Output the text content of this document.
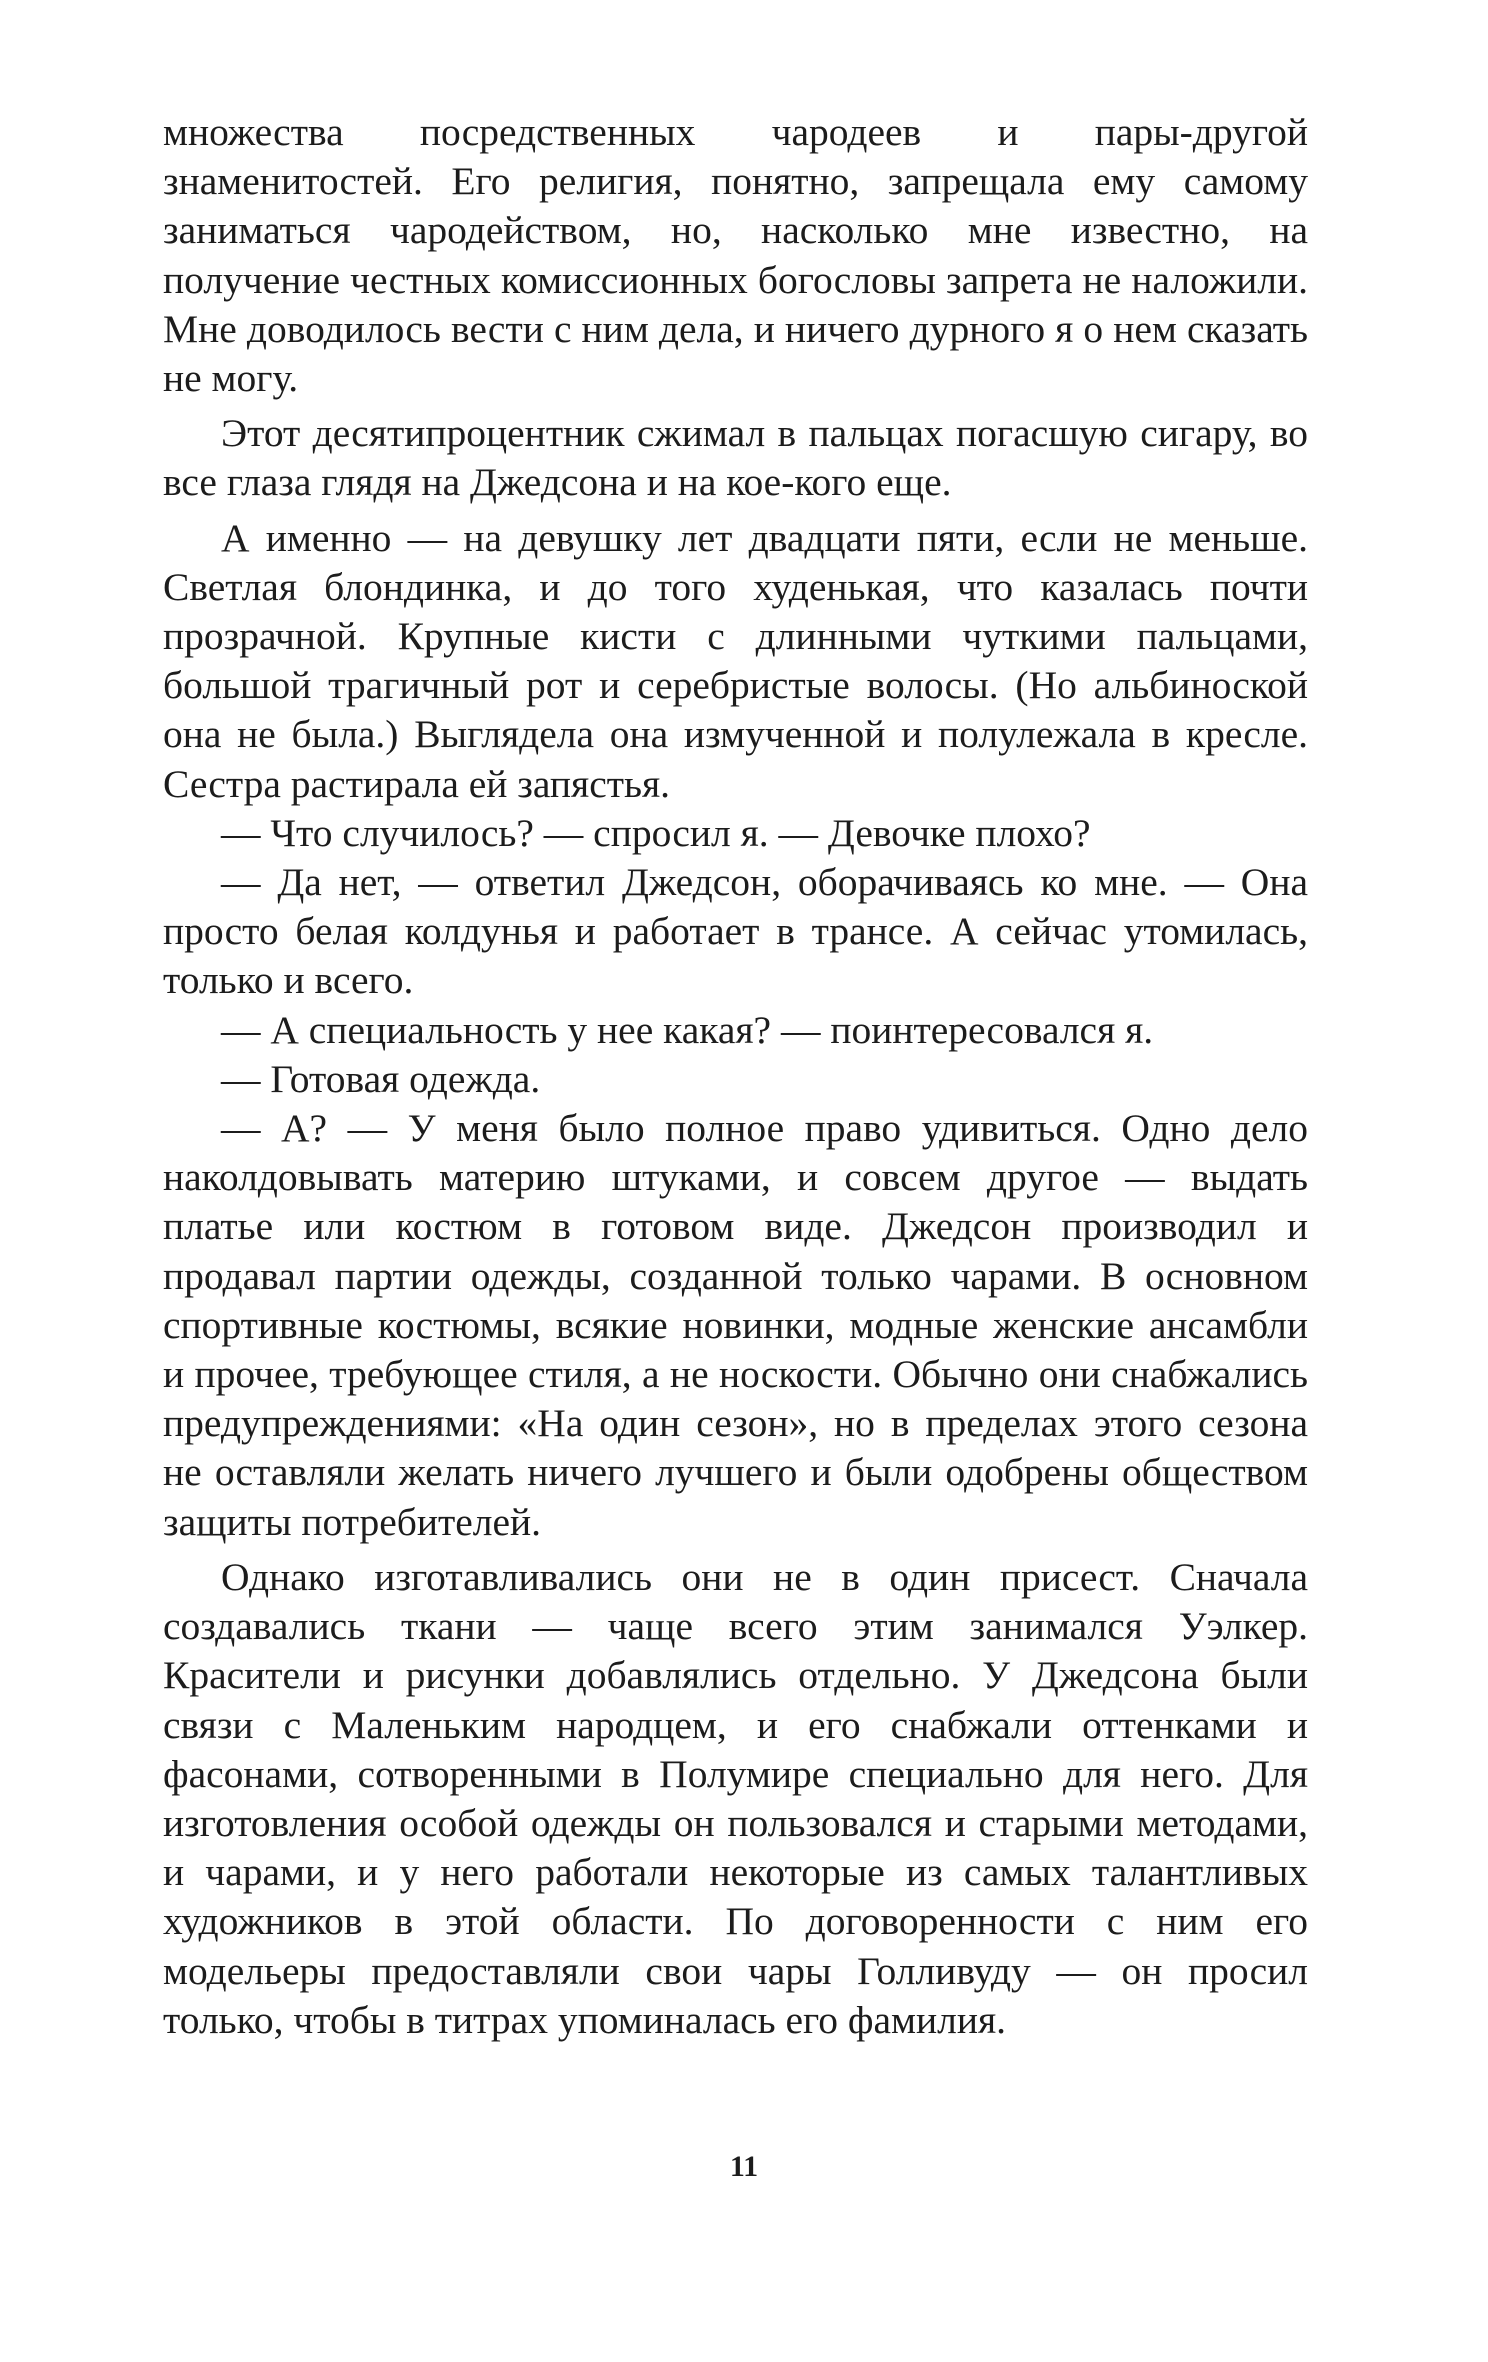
множества посредственных чародеев и пары-другой знаменитостей. Его религия, понятно, запрещала ему самому заниматься чародейством, но, насколько мне известно, на получение честных комиссионных богословы запрета не наложили. Мне доводилось вести с ним дела, и ничего дурного я о нем сказать не могу.

Этот десятипроцентник сжимал в пальцах погасшую сигару, во все глаза глядя на Джедсона и на кое-кого еще.

А именно — на девушку лет двадцати пяти, если не меньше. Светлая блондинка, и до того худенькая, что казалась почти прозрачной. Крупные кисти с длинными чуткими пальцами, большой трагичный рот и серебристые волосы. (Но альбиноской она не была.) Выглядела она измученной и полулежала в кресле. Сестра растирала ей запястья.

— Что случилось? — спросил я. — Девочке плохо?

— Да нет, — ответил Джедсон, оборачиваясь ко мне. — Она просто белая колдунья и работает в трансе. А сейчас утомилась, только и всего.

— А специальность у нее какая? — поинтересовался я.

— Готовая одежда.

— А? — У меня было полное право удивиться. Одно дело наколдовывать материю штуками, и совсем другое — выдать платье или костюм в готовом виде. Джедсон производил и продавал партии одежды, созданной только чарами. В основном спортивные костюмы, всякие новинки, модные женские ансамбли и прочее, требующее стиля, а не носкости. Обычно они снабжались предупреждениями: «На один сезон», но в пределах этого сезона не оставляли желать ничего лучшего и были одобрены обществом защиты потребителей.

Однако изготавливались они не в один присест. Сначала создавались ткани — чаще всего этим занимался Уэлкер. Красители и рисунки добавлялись отдельно. У Джедсона были связи с Маленьким народцем, и его снабжали оттенками и фасонами, сотворенными в Полумире специально для него. Для изготовления особой одежды он пользовался и старыми методами, и чарами, и у него работали некоторые из самых талантливых художников в этой области. По договоренности с ним его модельеры предоставляли свои чары Голливуду — он просил только, чтобы в титрах упоминалась его фамилия.

11
